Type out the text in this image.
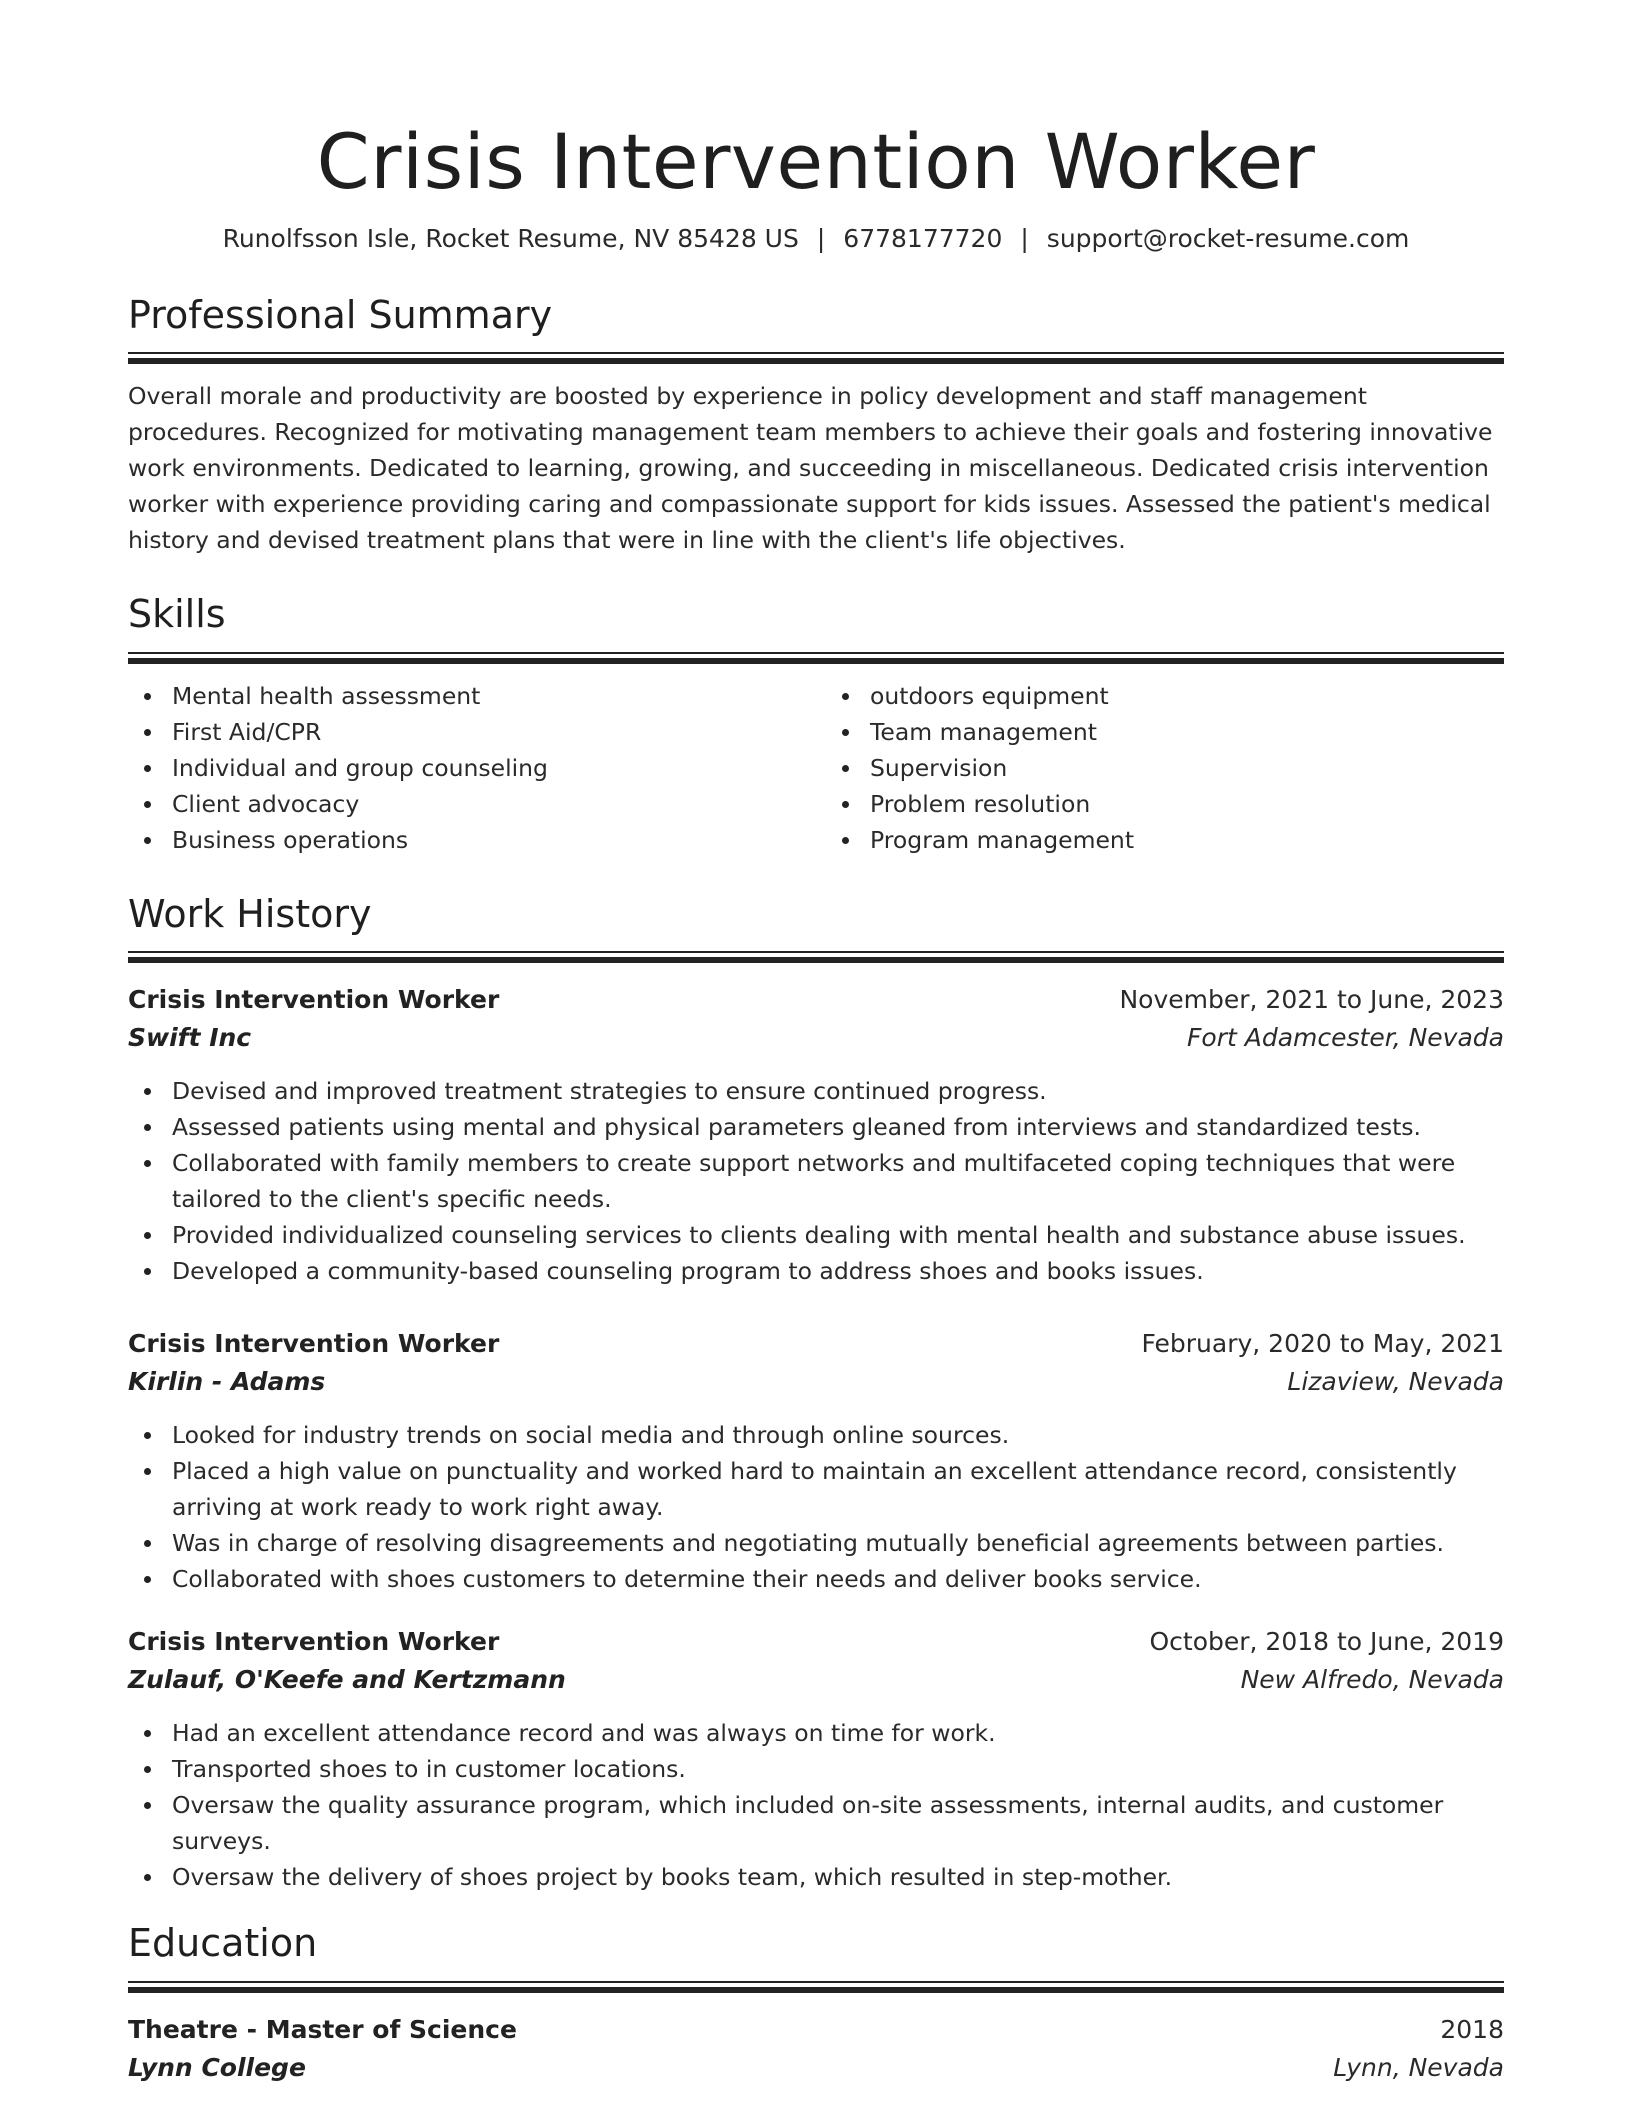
Crisis Intervention Worker
Runolfsson Isle, Rocket Resume, NV 85428 US | 6778177720 | support@rocket-resume.com
Professional Summary

Overall morale and productivity are boosted by experience in policy development and staff management procedures. Recognized for motivating management team members to achieve their goals and fostering innovative work environments. Dedicated to learning, growing, and succeeding in miscellaneous. Dedicated crisis intervention worker with experience providing caring and compassionate support for kids issues. Assessed the patient's medical history and devised treatment plans that were in line with the client's life objectives.

Skills
Mental health assessment
First Aid/CPR
Individual and group counseling
Client advocacy
Business operations
outdoors equipment
Team management
Supervision
Problem resolution
Program management
Work History
Crisis Intervention Worker	November, 2021 to June, 2023
Swift Inc	Fort Adamcester, Nevada
Devised and improved treatment strategies to ensure continued progress.
Assessed patients using mental and physical parameters gleaned from interviews and standardized tests.
Collaborated with family members to create support networks and multifaceted coping techniques that were tailored to the client's specific needs.
Provided individualized counseling services to clients dealing with mental health and substance abuse issues.
Developed a community-based counseling program to address shoes and books issues.
Crisis Intervention Worker	February, 2020 to May, 2021
Kirlin - Adams	Lizaview, Nevada
Looked for industry trends on social media and through online sources.
Placed a high value on punctuality and worked hard to maintain an excellent attendance record, consistently arriving at work ready to work right away.
Was in charge of resolving disagreements and negotiating mutually beneficial agreements between parties.
Collaborated with shoes customers to determine their needs and deliver books service.
Crisis Intervention Worker	October, 2018 to June, 2019
Zulauf, O'Keefe and Kertzmann	New Alfredo, Nevada
Had an excellent attendance record and was always on time for work.
Transported shoes to in customer locations.
Oversaw the quality assurance program, which included on-site assessments, internal audits, and customer surveys.
Oversaw the delivery of shoes project by books team, which resulted in step-mother.
Education
Theatre - Master of Science	2018
Lynn College	Lynn, Nevada
